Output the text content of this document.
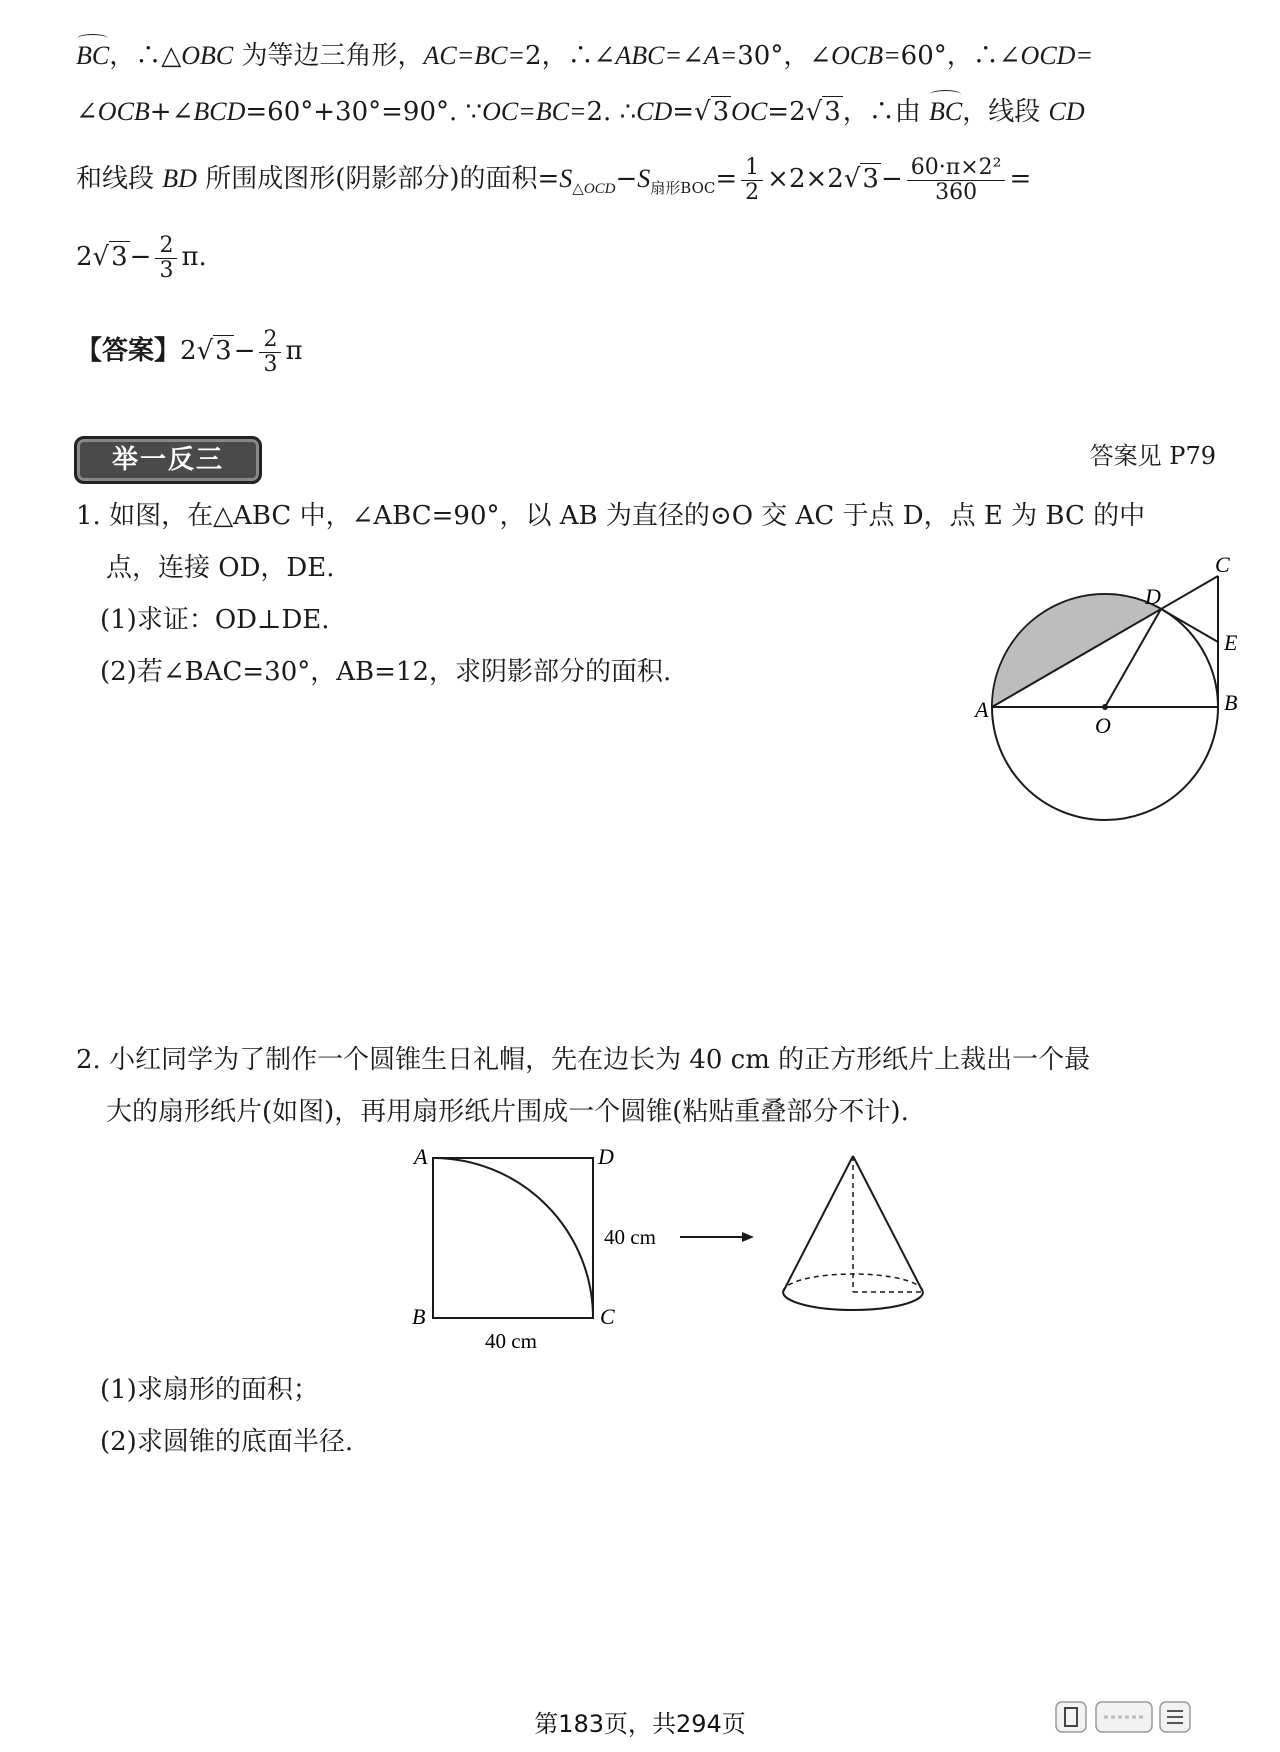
BC，∴△OBC 为等边三角形，AC=BC=2，∴∠ABC=∠A=30°，∠OCB=60°，∴∠OCD=
∠OCB+∠BCD=60°+30°=90°. ∵OC=BC=2. ∴CD=√3OC=2√3，∴由 BC，线段 CD
和线段 BD 所围成图形(阴影部分)的面积$=S_{\triangle OCD}-S_{扇形BOC}= \frac{1}{2} \times 2\times 2√3- \frac{\text{60·π×2²}}{360}$ =
$2√3- \frac{2}{3} \pi$.
【答案】$2√3- \frac{2}{3}$ π
举一反三	答案见 P79
1. 如图，在△ABC 中，∠ABC=90°，以 AB 为直径的⊙O 交 AC 于点 D，点 E 为 BC 的中
点，连接 OD，DE.
(1)求证：OD⊥DE.
(2)若∠BAC=30°，AB=12，求阴影部分的面积.
A	B
C
D
E
O
2. 小红同学为了制作一个圆锥生日礼帽，先在边长为 40 cm 的正方形纸片上裁出一个最
大的扇形纸片(如图)，再用扇形纸片围成一个圆锥(粘贴重叠部分不计).
A	D
B	C
40 cm
40 cm
(1)求扇形的面积；
(2)求圆锥的底面半径.
第183页，共294页
